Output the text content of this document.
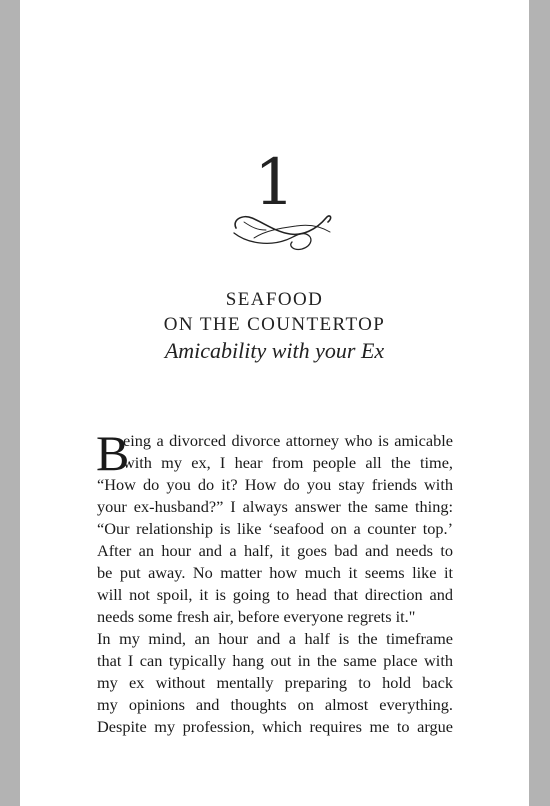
1
SEAFOOD
ON THE COUNTERTOP
Amicability with your Ex
B
eing a divorced divorce attorney who is amicable
with my ex, I hear from people all the time,
“How do you do it? How do you stay friends with
your ex-husband?” I always answer the same thing:
“Our relationship is like ‘seafood on a counter top.’
After an hour and a half, it goes bad and needs to
be put away. No matter how much it seems like it
will not spoil, it is going to head that direction and
needs some fresh air, before everyone regrets it."
In my mind, an hour and a half is the timeframe
that I can typically hang out in the same place with
my ex without mentally preparing to hold back
my opinions and thoughts on almost everything.
Despite my profession, which requires me to argue
